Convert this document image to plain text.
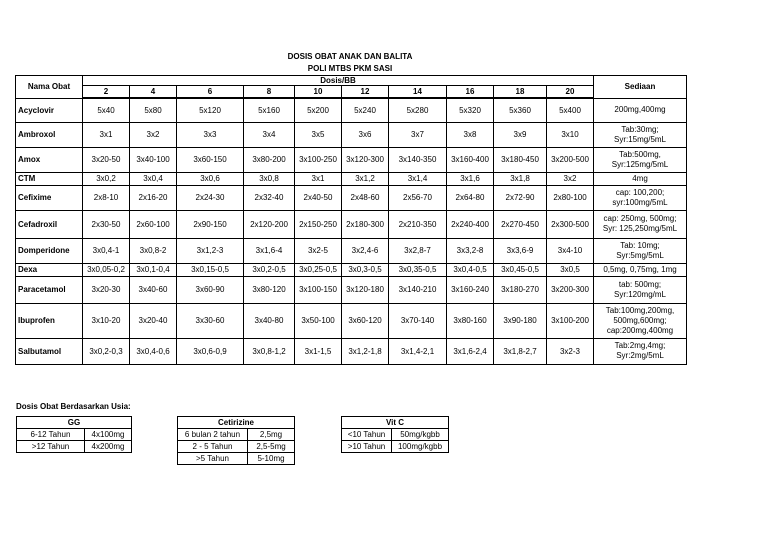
DOSIS OBAT ANAK DAN BALITA
POLI MTBS PKM SASI
Nama Obat	Dosis/BB										Sediaan
	2	4	6	8	10	12	14	16	18	20	
Acyclovir	5x40	5x80	5x120	5x160	5x200	5x240	5x280	5x320	5x360	5x400	200mg,400mg

Ambroxol	3x1	3x2	3x3	3x4	3x5	3x6	3x7	3x8	3x9	3x10	Tab:30mg;
Syr:15mg/5mL

Amox	3x20-50	3x40-100	3x60-150	3x80-200	3x100-250	3x120-300	3x140-350	3x160-400	3x180-450	3x200-500	Tab:500mg,
Syr:125mg/5mL

CTM	3x0,2	3x0,4	3x0,6	3x0,8	3x1	3x1,2	3x1,4	3x1,6	3x1,8	3x2	4mg

Cefixime	2x8-10	2x16-20	2x24-30	2x32-40	2x40-50	2x48-60	2x56-70	2x64-80	2x72-90	2x80-100	cap: 100,200;
syr:100mg/5mL

Cefadroxil	2x30-50	2x60-100	2x90-150	2x120-200	2x150-250	2x180-300	2x210-350	2x240-400	2x270-450	2x300-500	cap: 250mg, 500mg;
Syr: 125,250mg/5mL

Domperidone	3x0,4-1	3x0,8-2	3x1,2-3	3x1,6-4	3x2-5	3x2,4-6	3x2,8-7	3x3,2-8	3x3,6-9	3x4-10	Tab: 10mg;
Syr:5mg/5mL

Dexa	3x0,05-0,2	3x0,1-0,4	3x0,15-0,5	3x0,2-0,5	3x0,25-0,5	3x0,3-0,5	3x0,35-0,5	3x0,4-0,5	3x0,45-0,5	3x0,5	0,5mg, 0,75mg, 1mg

Paracetamol	3x20-30	3x40-60	3x60-90	3x80-120	3x100-150	3x120-180	3x140-210	3x160-240	3x180-270	3x200-300	tab: 500mg;
Syr:120mg/mL

Ibuprofen	3x10-20	3x20-40	3x30-60	3x40-80	3x50-100	3x60-120	3x70-140	3x80-160	3x90-180	3x100-200	Tab:100mg,200mg,
500mg,600mg;
cap:200mg,400mg

Salbutamol	3x0,2-0,3	3x0,4-0,6	3x0,6-0,9	3x0,8-1,2	3x1-1,5	3x1,2-1,8	3x1,4-2,1	3x1,6-2,4	3x1,8-2,7	3x2-3	Tab:2mg,4mg;
Syr:2mg/5mL
Dosis Obat Berdasarkan Usia:
GG	
6-12 Tahun	4x100mg
>12 Tahun	4x200mg
Cetirizine	
6 bulan 2 tahun	2,5mg
2 - 5 Tahun	2,5-5mg
>5 Tahun	5-10mg
Vit C	
<10 Tahun	50mg/kgbb
>10 Tahun	100mg/kgbb
